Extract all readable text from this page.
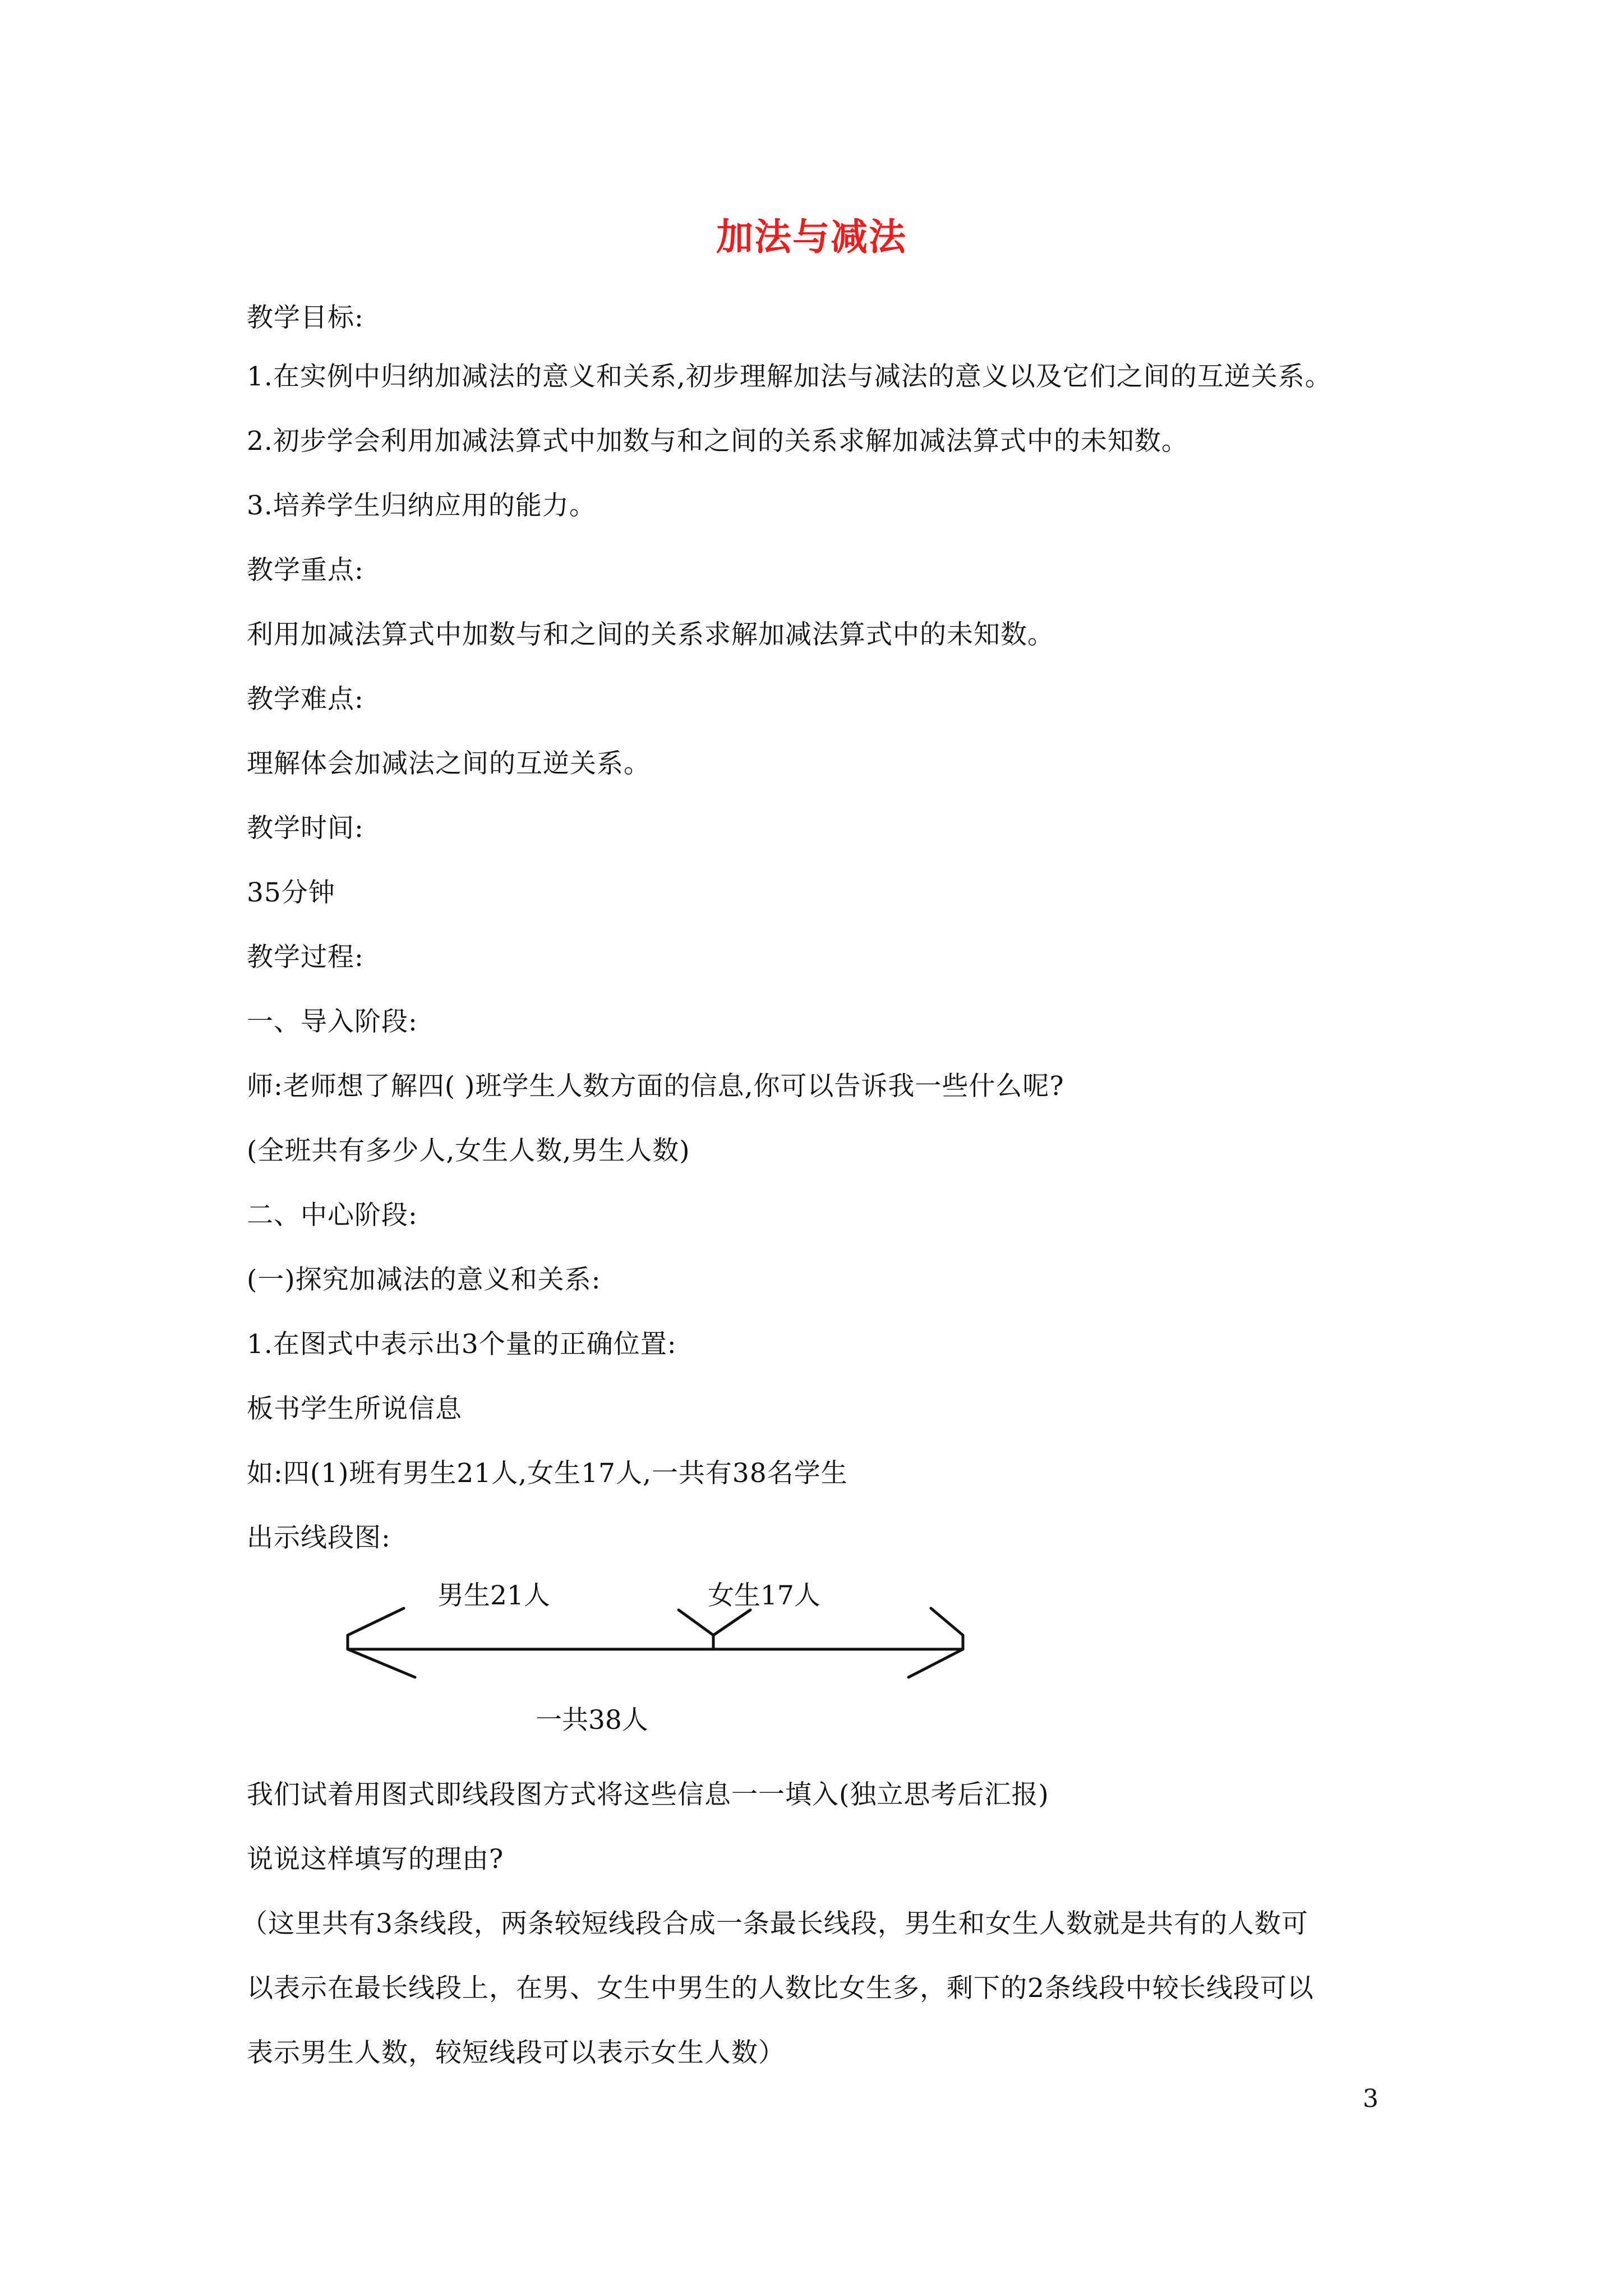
加法与减法
教学目标:
1.在实例中归纳加减法的意义和关系,初步理解加法与减法的意义以及它们之间的互逆关系。
2.初步学会利用加减法算式中加数与和之间的关系求解加减法算式中的未知数。
3.培养学生归纳应用的能力。
教学重点:
利用加减法算式中加数与和之间的关系求解加减法算式中的未知数。
教学难点:
理解体会加减法之间的互逆关系。
教学时间:
35分钟
教学过程:
一、导入阶段:
师:老师想了解四( )班学生人数方面的信息,你可以告诉我一些什么呢?
(全班共有多少人,女生人数,男生人数)
二、中心阶段:
(一)探究加减法的意义和关系:
1.在图式中表示出3个量的正确位置:
板书学生所说信息
如:四(1)班有男生21人,女生17人,一共有38名学生
出示线段图:
男生21人	女生17人
一共38人
我们试着用图式即线段图方式将这些信息一一填入(独立思考后汇报)
说说这样填写的理由?
（这里共有3条线段，两条较短线段合成一条最长线段，男生和女生人数就是共有的人数可
以表示在最长线段上，在男、女生中男生的人数比女生多，剩下的2条线段中较长线段可以
表示男生人数，较短线段可以表示女生人数）
3
